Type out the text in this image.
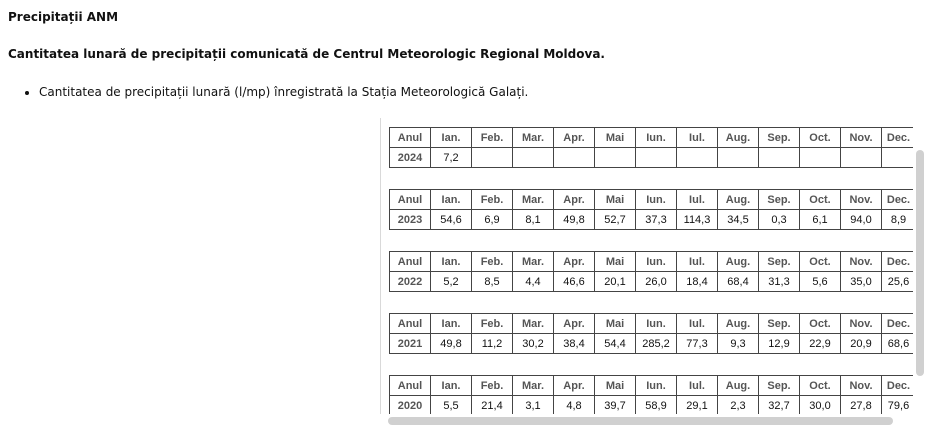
Precipitații ANM
Cantitatea lunară de precipitații comunicată de Centrul Meteorologic Regional Moldova.
• Cantitatea de precipitații lunară (l/mp) înregistrată la Stația Meteorologică Galați.
Anul	Ian.	Feb.	Mar.	Apr.	Mai	Iun.	Iul.	Aug.	Sep.	Oct.	Nov.	Dec.
2024	7,2											
Anul	Ian.	Feb.	Mar.	Apr.	Mai	Iun.	Iul.	Aug.	Sep.	Oct.	Nov.	Dec.
2023	54,6	6,9	8,1	49,8	52,7	37,3	114,3	34,5	0,3	6,1	94,0	8,9
Anul	Ian.	Feb.	Mar.	Apr.	Mai	Iun.	Iul.	Aug.	Sep.	Oct.	Nov.	Dec.
2022	5,2	8,5	4,4	46,6	20,1	26,0	18,4	68,4	31,3	5,6	35,0	25,6
Anul	Ian.	Feb.	Mar.	Apr.	Mai	Iun.	Iul.	Aug.	Sep.	Oct.	Nov.	Dec.
2021	49,8	11,2	30,2	38,4	54,4	285,2	77,3	9,3	12,9	22,9	20,9	68,6
Anul	Ian.	Feb.	Mar.	Apr.	Mai	Iun.	Iul.	Aug.	Sep.	Oct.	Nov.	Dec.
2020	5,5	21,4	3,1	4,8	39,7	58,9	29,1	2,3	32,7	30,0	27,8	79,6
